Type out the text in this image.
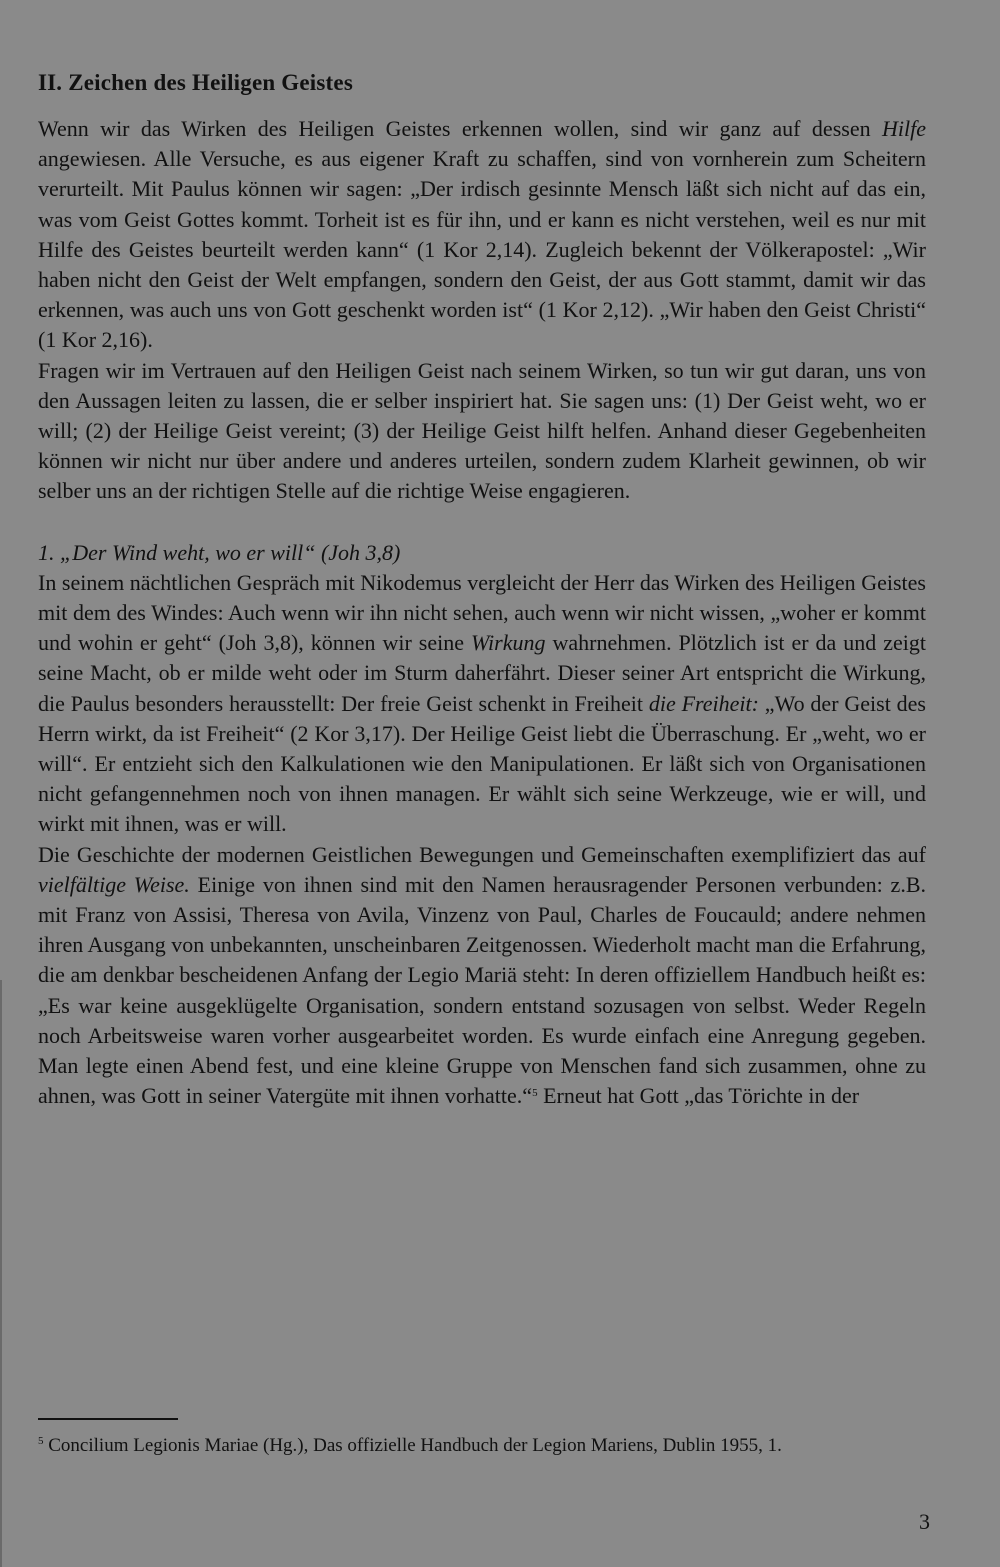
II. Zeichen des Heiligen Geistes

Wenn wir das Wirken des Heiligen Geistes erkennen wollen, sind wir ganz auf dessen Hilfe angewiesen. Alle Versuche, es aus eigener Kraft zu schaffen, sind von vornherein zum Scheitern verurteilt. Mit Paulus können wir sagen: „Der irdisch gesinnte Mensch läßt sich nicht auf das ein, was vom Geist Gottes kommt. Torheit ist es für ihn, und er kann es nicht verstehen, weil es nur mit Hilfe des Geistes beurteilt werden kann“ (1 Kor 2,14). Zugleich bekennt der Völkerapostel: „Wir haben nicht den Geist der Welt empfangen, sondern den Geist, der aus Gott stammt, damit wir das erkennen, was auch uns von Gott geschenkt worden ist“ (1 Kor 2,12). „Wir haben den Geist Christi“ (1 Kor 2,16).

Fragen wir im Vertrauen auf den Heiligen Geist nach seinem Wirken, so tun wir gut daran, uns von den Aussagen leiten zu lassen, die er selber inspiriert hat. Sie sagen uns: (1) Der Geist weht, wo er will; (2) der Heilige Geist vereint; (3) der Heilige Geist hilft helfen. Anhand dieser Gegebenheiten können wir nicht nur über andere und anderes urteilen, sondern zudem Klarheit gewinnen, ob wir selber uns an der richtigen Stelle auf die richtige Weise engagieren.

1. „Der Wind weht, wo er will“ (Joh 3,8)

In seinem nächtlichen Gespräch mit Nikodemus vergleicht der Herr das Wirken des Heiligen Geistes mit dem des Windes: Auch wenn wir ihn nicht sehen, auch wenn wir nicht wissen, „woher er kommt und wohin er geht“ (Joh 3,8), können wir seine Wirkung wahrnehmen. Plötzlich ist er da und zeigt seine Macht, ob er milde weht oder im Sturm daherfährt. Dieser seiner Art entspricht die Wirkung, die Paulus besonders herausstellt: Der freie Geist schenkt in Freiheit die Freiheit: „Wo der Geist des Herrn wirkt, da ist Freiheit“ (2 Kor 3,17). Der Heilige Geist liebt die Überraschung. Er „weht, wo er will“. Er entzieht sich den Kalkulationen wie den Manipulationen. Er läßt sich von Organisationen nicht gefangennehmen noch von ihnen managen. Er wählt sich seine Werkzeuge, wie er will, und wirkt mit ihnen, was er will.

Die Geschichte der modernen Geistlichen Bewegungen und Gemeinschaften exemplifiziert das auf vielfältige Weise. Einige von ihnen sind mit den Namen herausragender Personen verbunden: z.B. mit Franz von Assisi, Theresa von Avila, Vinzenz von Paul, Charles de Foucauld; andere nehmen ihren Ausgang von unbekannten, unscheinbaren Zeitgenossen. Wiederholt macht man die Erfahrung, die am denkbar bescheidenen Anfang der Legio Mariä steht: In deren offiziellem Handbuch heißt es: „Es war keine ausgeklügelte Organisation, sondern entstand sozusagen von selbst. Weder Regeln noch Arbeitsweise waren vorher ausgearbeitet worden. Es wurde einfach eine Anregung gegeben. Man legte einen Abend fest, und eine kleine Gruppe von Menschen fand sich zusammen, ohne zu ahnen, was Gott in seiner Vatergüte mit ihnen vorhatte.“$^5$ Erneut hat Gott „das Törichte in der

$^5$ Concilium Legionis Mariae (Hg.), Das offizielle Handbuch der Legion Mariens, Dublin 1955, 1.
3
